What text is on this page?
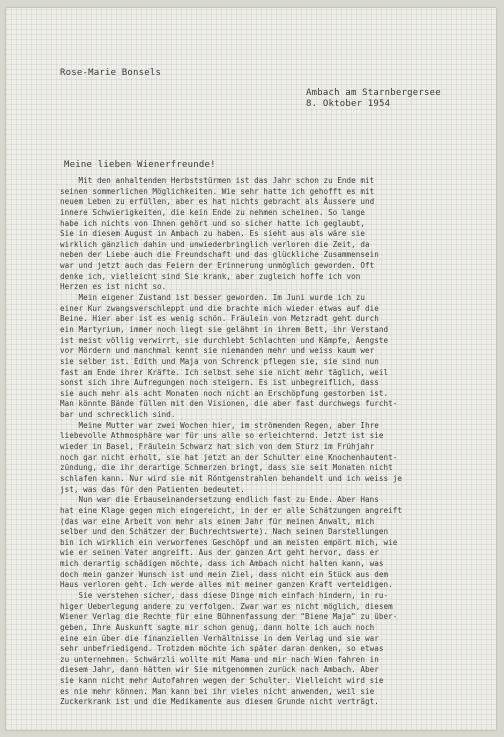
Rose-Marie Bonsels
Ambach am Starnbergersee
8. Oktober 1954
Meine lieben Wienerfreunde!
Mit den anhaltenden Herbststürmen ist das Jahr schon zu Ende mit
seinen sommerlichen Möglichkeiten. Wie sehr hatte ich gehofft es mit
neuem Leben zu erfüllen, aber es hat nichts gebracht als Äussere und
innere Schwierigkeiten, die kein Ende zu nehmen scheinen. So lange
habe ich nichts von Ihnen gehört und so sicher hatte ich geglaubt,
Sie in diesem August in Ambach zu haben. Es sieht aus als wäre sie
wirklich gänzlich dahin und unwiederbringlich verloren die Zeit, da
neben der Liebe auch die Freundschaft und das glückliche Zusammensein
war und jetzt auch das Feiern der Erinnerung unmöglich geworden. Oft
denke ich, vielleicht sind Sie krank, aber zugleich hoffe ich von
Herzen es ist nicht so.
Mein eigener Zustand ist besser geworden. Im Juni wurde ich zu
einer Kur zwangsverschleppt und die brachte mich wieder etwas auf die
Beine. Hier aber ist es wenig schön. Fräulein von Metzradt geht durch
ein Martyrium, immer noch liegt sie gelähmt in ihrem Bett, ihr Verstand
ist meist völlig verwirrt, sie durchlebt Schlachten und Kämpfe, Aengste
vor Mördern und manchmal kennt sie niemanden mehr und weiss kaum wer
sie selber ist. Edith und Maja von Schrenck pflegen sie, sie sind nun
fast am Ende ihrer Kräfte. Ich selbst sehe sie nicht mehr täglich, weil
sonst sich ihre Aufregungen noch steigern. Es ist unbegreiflich, dass
sie auch mehr als acht Monaten noch nicht an Erschöpfung gestorben ist.
Man könnte Bände füllen mit den Visionen, die aber fast durchwegs furcht-
bar und schrecklich sind.
Meine Mutter war zwei Wochen hier, im strömenden Regen, aber Ihre
liebevolle Athmosphäre war für uns alle so erleichternd. Jetzt ist sie
wieder in Basel, Fräulein Schwarz hat sich von dem Sturz im Frühjahr
noch gar nicht erholt, sie hat jetzt an der Schulter eine Knochenhautent-
zündung, die ihr derartige Schmerzen bringt, dass sie seit Monaten nicht
schlafen kann. Nur wird sie mit Röntgenstrahlen behandelt und ich weiss je
jst, was das für den Patienten bedeutet.
Nun war die Erbauseinandersetzung endlich fast zu Ende. Aber Hans
hat eine Klage gegen mich eingereicht, in der er alle Schätzungen angreift
(das war eine Arbeit von mehr als einem Jahr für meinen Anwalt, mich
selber und den Schätzer der Buchrechtswerte). Nach seinen Darstellungen
bin ich wirklich ein verworfenes Geschöpf und am meisten empört mich, wie
wie er seinen Vater angreift. Aus der ganzen Art geht hervor, dass er
mich derartig schädigen möchte, dass ich Ambach nicht halten kann, was
doch mein ganzer Wunsch ist und mein Ziel, dass nicht ein Stück aus dem
Haus verloren geht. Ich werde alles mit meiner ganzen Kraft verteidigen.
Sie verstehen sicher, dass diese Dinge mich einfach hindern, in ru-
higer Ueberlegung andere zu verfolgen. Zwar war es nicht möglich, diesem
Wiener Verlag die Rechte für eine Bühnenfassung der "Biene Maja" zu über-
geben, Ihre Auskunft sagte mir schon genug, dann holte ich auch noch
eine ein über die finanziellen Verhältnisse in dem Verlag und sie war
sehr unbefriedigend. Trotzdem möchte ich später daran denken, so etwas
zu unternehmen. Schwärzli wollte mit Mama und mir nach Wien fahren in
diesem Jahr, dann hätten wir Sie mitgenommen zurück nach Ambach. Aber
sie kann nicht mehr Autofahren wegen der Schulter. Vielleicht wird sie
es nie mehr können. Man kann bei ihr vieles nicht anwenden, weil sie
Zuckerkrank ist und die Medikamente aus diesem Grunde nicht verträgt.
